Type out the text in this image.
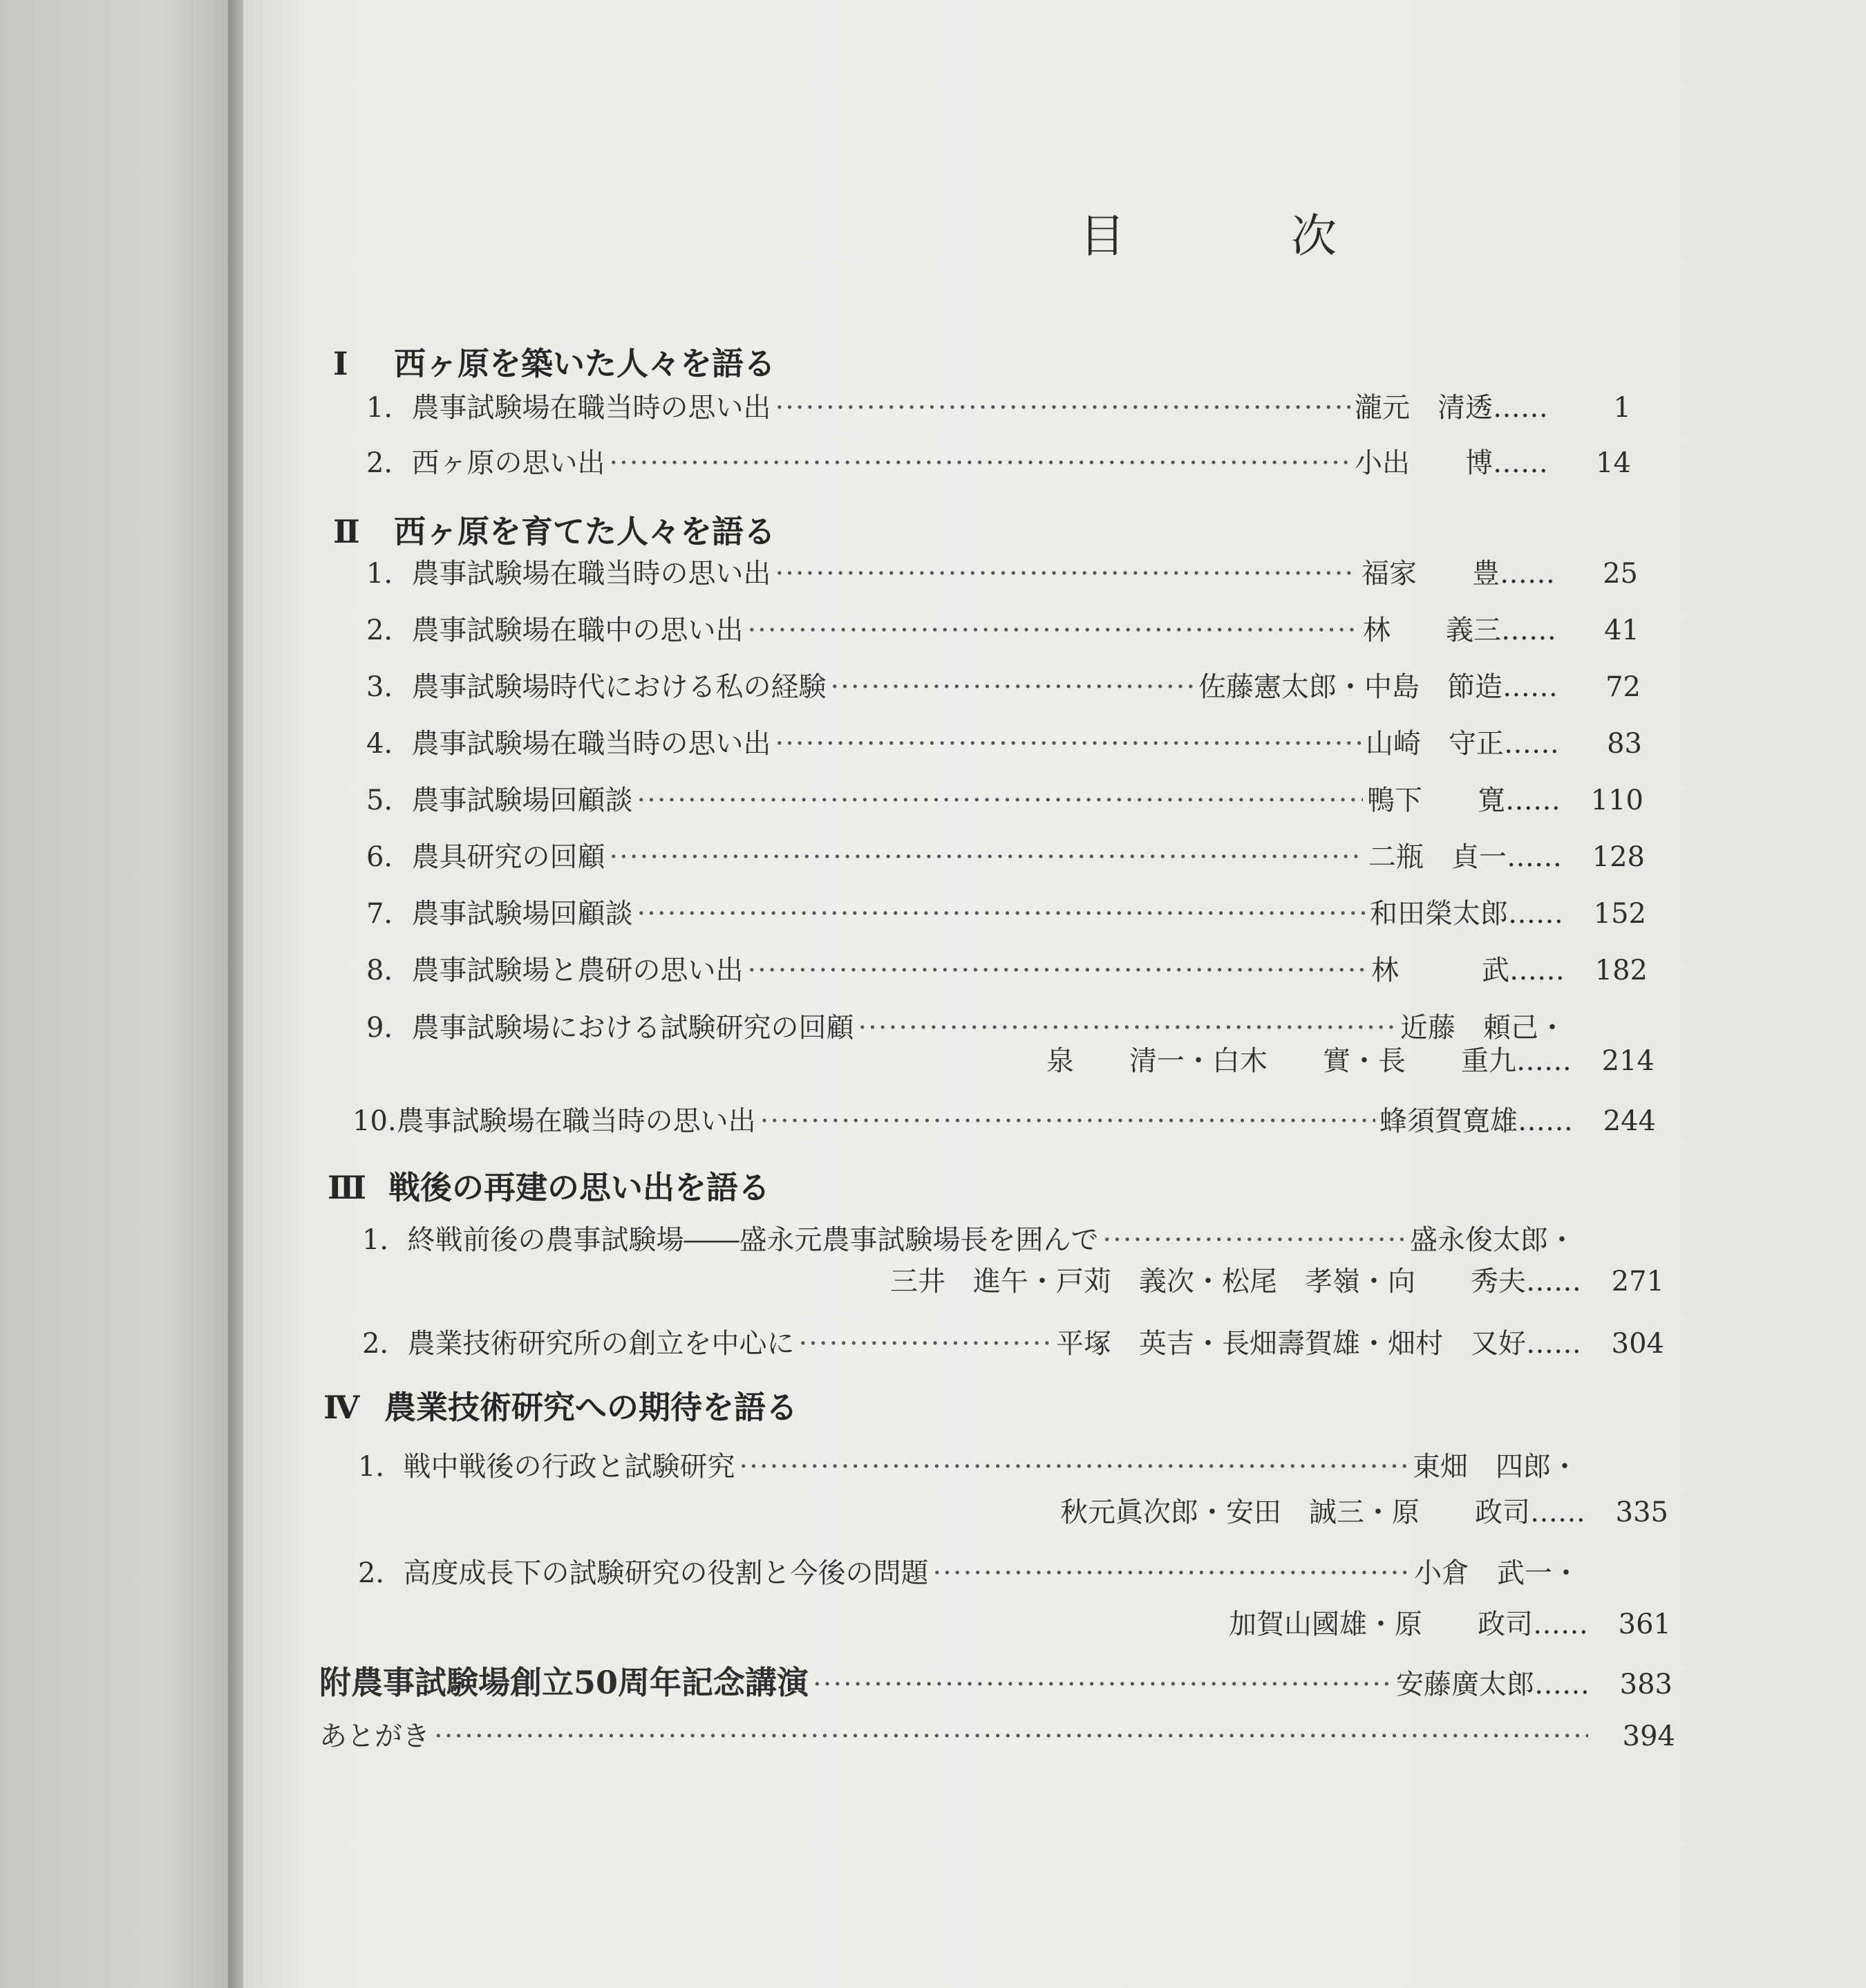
目	次
Ⅰ 西ヶ原を築いた人々を語る
1． 農事試験場在職当時の思い出 ·····	瀧元　清透……	1
2． 西ヶ原の思い出 ·····	小出　　博……	14
Ⅱ 西ヶ原を育てた人々を語る
1． 農事試験場在職当時の思い出 ·····	福家　　豊……	25
2． 農事試験場在職中の思い出 ·····	林　　義三……	41
3． 農事試験場時代における私の経験 ·····	佐藤憲太郎・中島　節造……	72
4． 農事試験場在職当時の思い出 ·····	山崎　守正……	83
5． 農事試験場回顧談 ·····	鴨下　　寛……	110
6． 農具研究の回顧 ·····	二瓶　貞一……	128
7． 農事試験場回顧談 ·····	和田榮太郎……	152
8． 農事試験場と農研の思い出 ·····	林　　　武……	182
9． 農事試験場における試験研究の回顧 ·····	近藤　頼己・
泉　　清一・白木　　實・長　　重九…… 214
10. 農事試験場在職当時の思い出 ·····	蜂須賀寛雄……	244
Ⅲ 戦後の再建の思い出を語る
1． 終戦前後の農事試験場――盛永元農事試験場長を囲んで ·····	盛永俊太郎・
三井　進午・戸苅　義次・松尾　孝嶺・向　　秀夫…… 271
2． 農業技術研究所の創立を中心に ·····	平塚　英吉・長畑壽賀雄・畑村　又好……	304
Ⅳ 農業技術研究への期待を語る
1． 戦中戦後の行政と試験研究 ·····	東畑　四郎・
秋元眞次郎・安田　誠三・原　　政司…… 335
2． 高度成長下の試験研究の役割と今後の問題 ·····	小倉　武一・
加賀山國雄・原　　政司…… 361
附 農事試験場創立50周年記念講演 ·····	安藤廣太郎……	383
あとがき ·····	394
